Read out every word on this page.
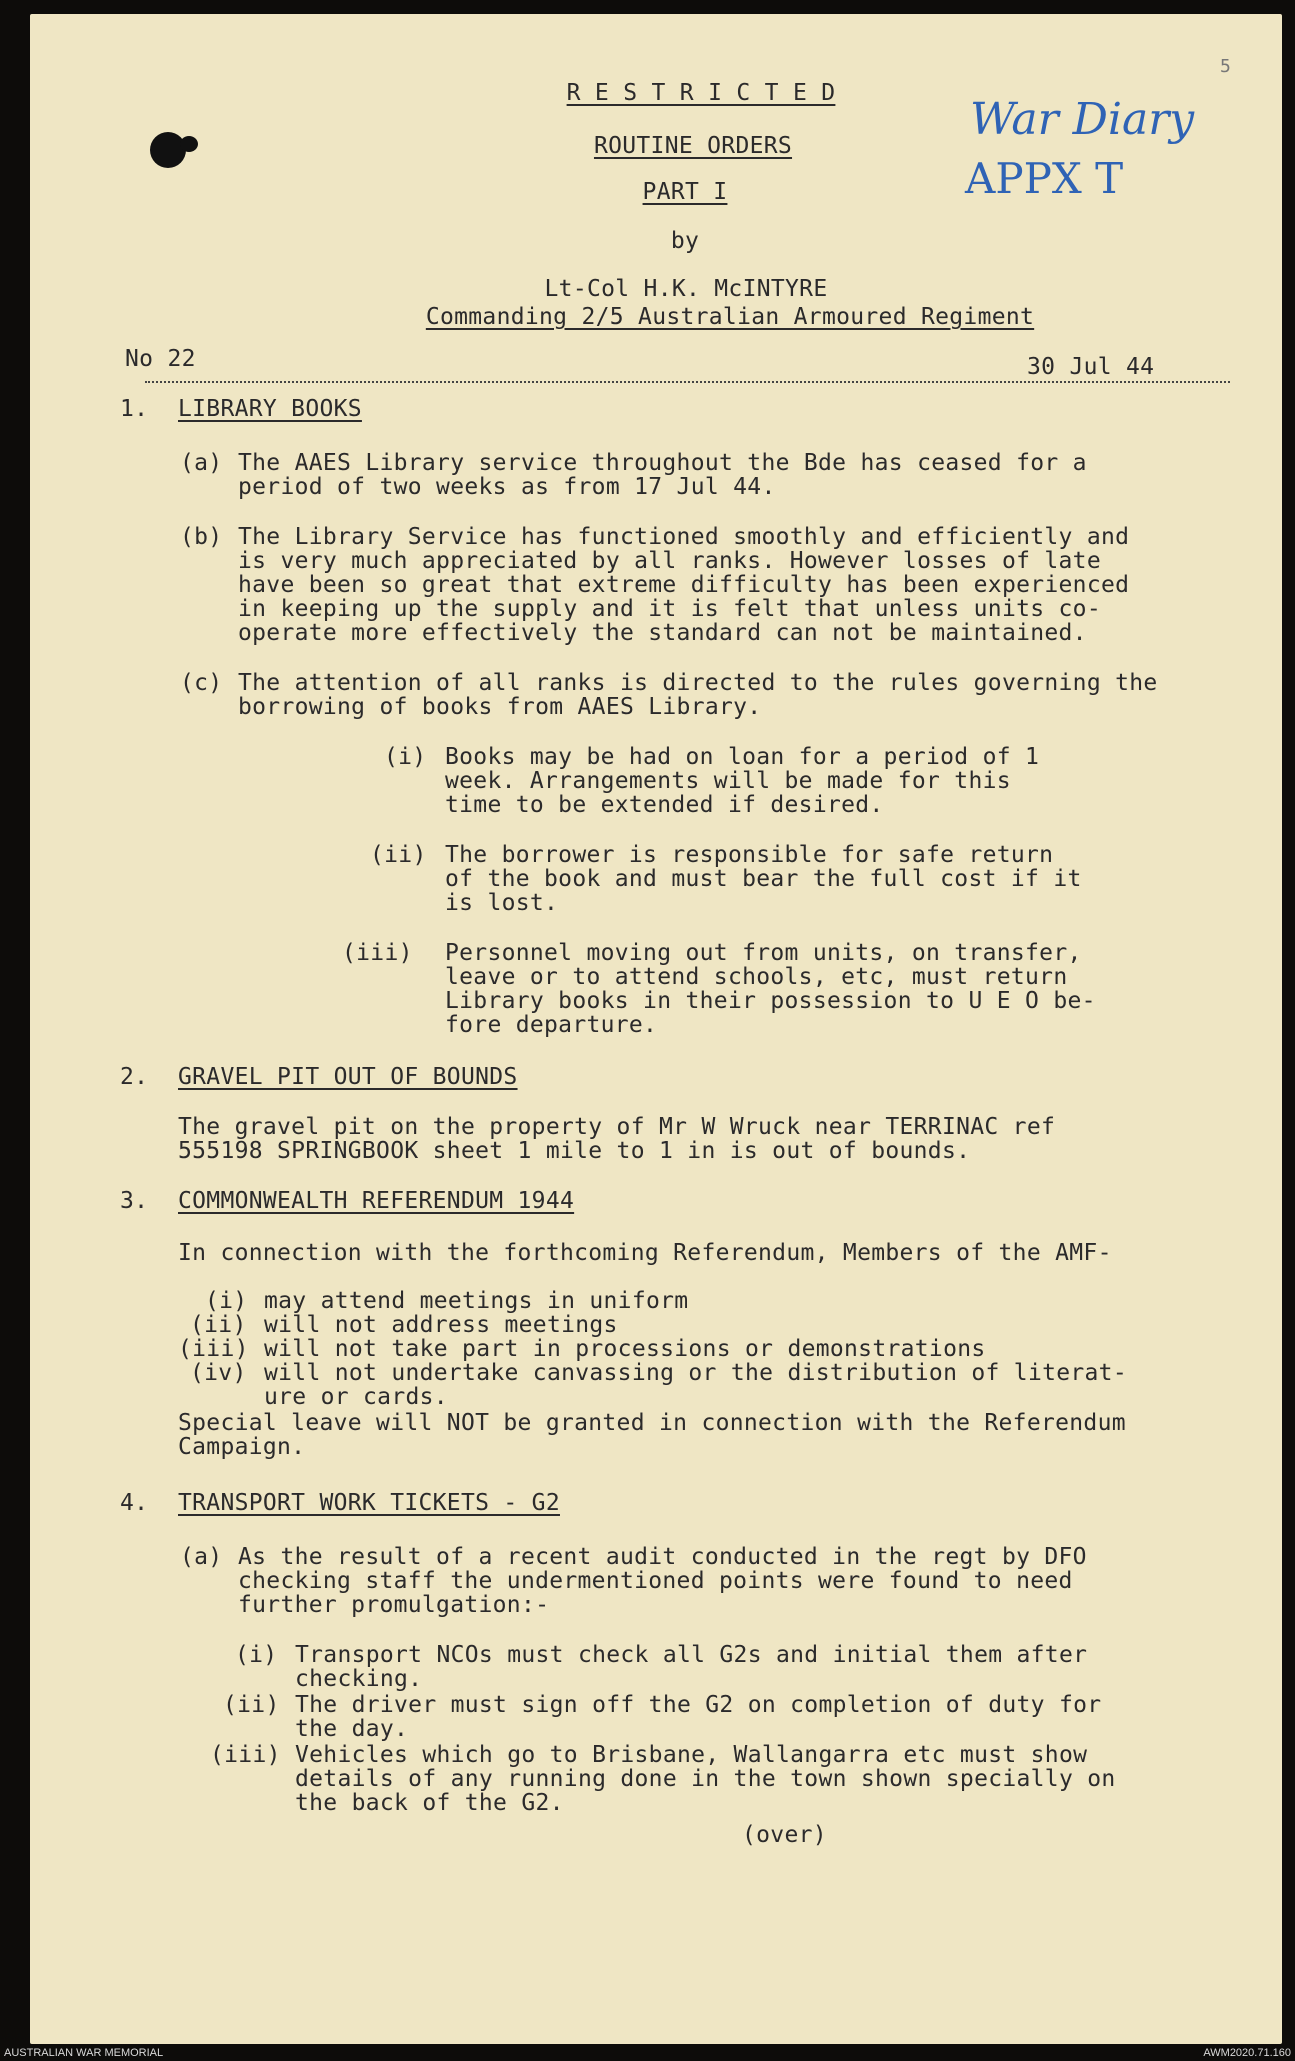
5
War Diary
APPX T
R E S T R I C T E D
ROUTINE ORDERS
PART I
by
Lt-Col H.K. McINTYRE
Commanding 2/5 Australian Armoured Regiment
No 22	30 Jul 44
1. LIBRARY BOOKS
(a) The AAES Library service throughout the Bde has ceased for a
period of two weeks as from 17 Jul 44.
(b) The Library Service has functioned smoothly and efficiently and
is very much appreciated by all ranks. However losses of late
have been so great that extreme difficulty has been experienced
in keeping up the supply and it is felt that unless units co-
operate more effectively the standard can not be maintained.
(c) The attention of all ranks is directed to the rules governing the
borrowing of books from AAES Library.
(i) Books may be had on loan for a period of 1
week. Arrangements will be made for this
time to be extended if desired.
(ii) The borrower is responsible for safe return
of the book and must bear the full cost if it
is lost.
(iii) Personnel moving out from units, on transfer,
leave or to attend schools, etc, must return
Library books in their possession to U E O be-
fore departure.
2. GRAVEL PIT OUT OF BOUNDS
The gravel pit on the property of Mr W Wruck near TERRINAC ref
555198 SPRINGBOOK sheet 1 mile to 1 in is out of bounds.
3. COMMONWEALTH REFERENDUM 1944
In connection with the forthcoming Referendum, Members of the AMF-
(i) may attend meetings in uniform
(ii) will not address meetings
(iii) will not take part in processions or demonstrations
(iv) will not undertake canvassing or the distribution of literat-
ure or cards.
Special leave will NOT be granted in connection with the Referendum
Campaign.
4. TRANSPORT WORK TICKETS - G2
(a) As the result of a recent audit conducted in the regt by DFO
checking staff the undermentioned points were found to need
further promulgation:-
(i) Transport NCOs must check all G2s and initial them after
checking.
(ii) The driver must sign off the G2 on completion of duty for
the day.
(iii) Vehicles which go to Brisbane, Wallangarra etc must show
details of any running done in the town shown specially on
the back of the G2.
(over)
AUSTRALIAN WAR MEMORIAL	AWM2020.71.160
